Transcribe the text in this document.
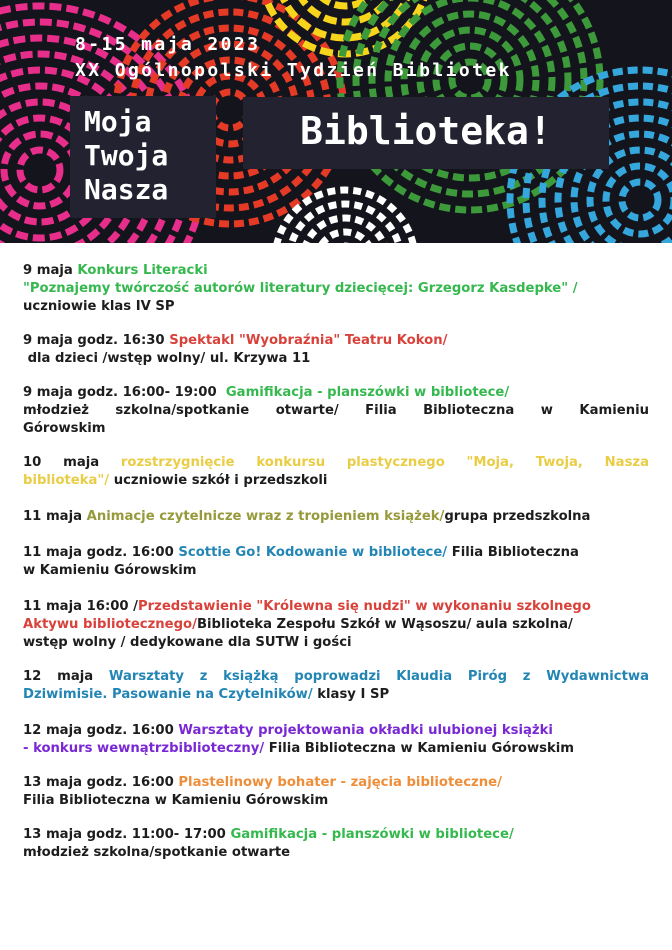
8-15 maja 2023
XX Ogólnopolski Tydzień Bibliotek
Moja
Twoja
Nasza
Biblioteka!
9 maja Konkurs Literacki
"Poznajemy twórczość autorów literatury dziecięcej: Grzegorz Kasdepke" /
uczniowie klas IV SP
9 maja godz. 16:30 Spektakl "Wyobraźnia" Teatru Kokon/
dla dzieci /wstęp wolny/ ul. Krzywa 11
9 maja godz. 16:00- 19:00 Gamifikacja - planszówki w bibliotece/
młodzież szkolna/spotkanie otwarte/ Filia Biblioteczna w Kamieniu
Górowskim
10 maja rozstrzygnięcie konkursu plastycznego "Moja, Twoja, Nasza
biblioteka"/ uczniowie szkół i przedszkoli
11 maja Animacje czytelnicze wraz z tropieniem książek/grupa przedszkolna
11 maja godz. 16:00 Scottie Go! Kodowanie w bibliotece/ Filia Biblioteczna
w Kamieniu Górowskim
11 maja 16:00 /Przedstawienie "Królewna się nudzi" w wykonaniu szkolnego
Aktywu bibliotecznego/Biblioteka Zespołu Szkół w Wąsoszu/ aula szkolna/
wstęp wolny / dedykowane dla SUTW i gości
12 maja Warsztaty z książką poprowadzi Klaudia Piróg z Wydawnictwa
Dziwimisie. Pasowanie na Czytelników/ klasy I SP
12 maja godz. 16:00 Warsztaty projektowania okładki ulubionej książki
- konkurs wewnątrzbiblioteczny/ Filia Biblioteczna w Kamieniu Górowskim
13 maja godz. 16:00 Plastelinowy bohater - zajęcia biblioteczne/
Filia Biblioteczna w Kamieniu Górowskim
13 maja godz. 11:00- 17:00 Gamifikacja - planszówki w bibliotece/
młodzież szkolna/spotkanie otwarte
